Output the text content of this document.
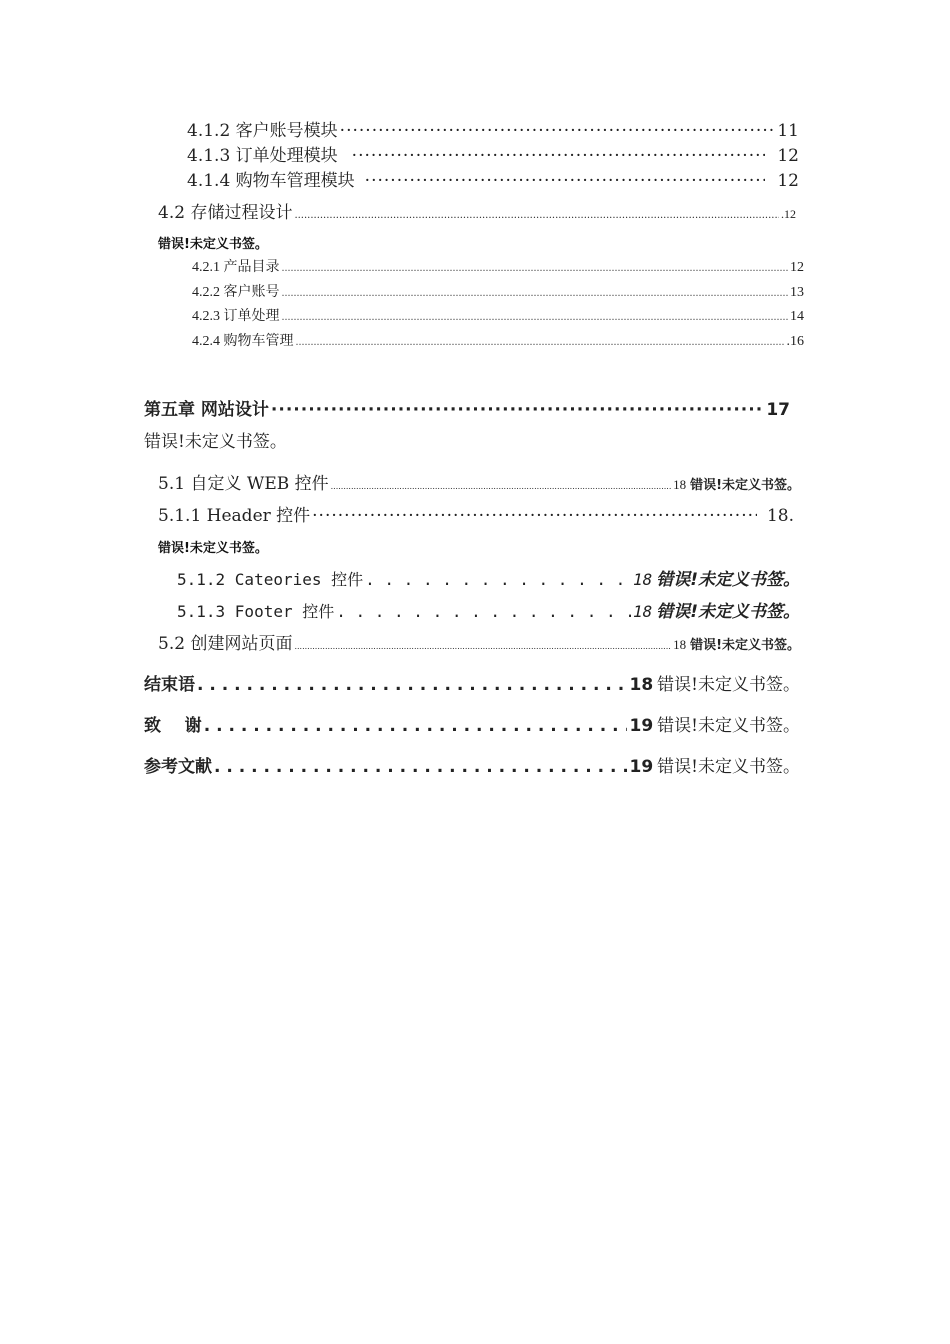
4.1.2 客户账号模块 ·····	11
4.1.3 订单处理模块 ·····	12
4.1.4 购物车管理模块 ·····	12
4.2 存储过程设计 .....	.12
错误!未定义书签。
4.2.1 产品目录 .....	12
4.2.2 客户账号 .....	13
4.2.3 订单处理 .....	14
4.2.4 购物车管理 .....	.16
第五章 网站设计 ·····	17
错误!未定义书签。
5.1 自定义 WEB 控件 .....	18 错误!未定义书签。
5.1.1 Header 控件 ·····	18.
错误!未定义书签。
5.1.2 Cateories 控件 . . .	18 错误!未定义书签。
5.1.3 Footer 控件 . . .	18 错误!未定义书签。
5.2 创建网站页面 .....	18 错误!未定义书签。
结束语 . . .	18 错误!未定义书签。
致    谢 . . .	19 错误!未定义书签。
参考文献 . . .	19 错误!未定义书签。
